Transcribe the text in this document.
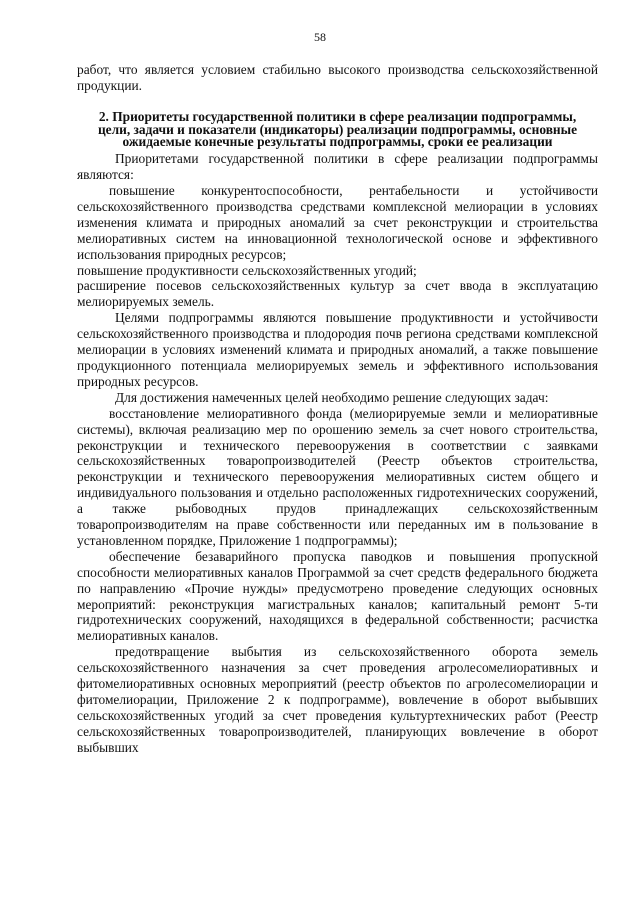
58

работ, что является условием стабильно высокого производства сельскохозяйственной продукции.

2. Приоритеты государственной политики в сфере реализации подпрограммы, цели, задачи и показатели (индикаторы) реализации подпрограммы, основные ожидаемые конечные результаты подпрограммы, сроки ее реализации

Приоритетами государственной политики в сфере реализации подпрограммы являются:

повышение конкурентоспособности, рентабельности и устойчивости сельскохозяйственного производства средствами комплексной мелиорации в условиях изменения климата и природных аномалий за счет реконструкции и строительства мелиоративных систем на инновационной технологической основе и эффективного использования природных ресурсов;

повышение продуктивности сельскохозяйственных угодий;

расширение посевов сельскохозяйственных культур за счет ввода в эксплуатацию мелиорируемых земель.

Целями подпрограммы являются повышение продуктивности и устойчивости сельскохозяйственного производства и плодородия почв региона средствами комплексной мелиорации в условиях изменений климата и природных аномалий, а также повышение продукционного потенциала мелиорируемых земель и эффективного использования природных ресурсов.

Для достижения намеченных целей необходимо решение следующих задач:

восстановление мелиоративного фонда (мелиорируемые земли и мелиоративные системы), включая реализацию мер по орошению земель за счет нового строительства, реконструкции и технического перевооружения в соответствии с заявками сельскохозяйственных товаропроизводителей (Реестр объектов строительства, реконструкции и технического перевооружения мелиоративных систем общего и индивидуального пользования и отдельно расположенных гидротехнических сооружений, а также рыбоводных прудов принадлежащих сельскохозяйственным товаропроизводителям на праве собственности или переданных им в пользование в установленном порядке, Приложение 1 подпрограммы);

обеспечение безаварийного пропуска паводков и повышения пропускной способности мелиоративных каналов Программой за счет средств федерального бюджета по направлению «Прочие нужды» предусмотрено проведение следующих основных мероприятий: реконструкция магистральных каналов; капитальный ремонт 5-ти гидротехнических сооружений, находящихся в федеральной собственности; расчистка мелиоративных каналов.

предотвращение выбытия из сельскохозяйственного оборота земель сельскохозяйственного назначения за счет проведения агролесомелиоративных и фитомелиоративных основных мероприятий (реестр объектов по агролесомелиорации и фитомелиорации, Приложение 2 к подпрограмме), вовлечение в оборот выбывших сельскохозяйственных угодий за счет проведения культуртехнических работ (Реестр сельскохозяйственных товаропроизводителей, планирующих вовлечение в оборот выбывших
